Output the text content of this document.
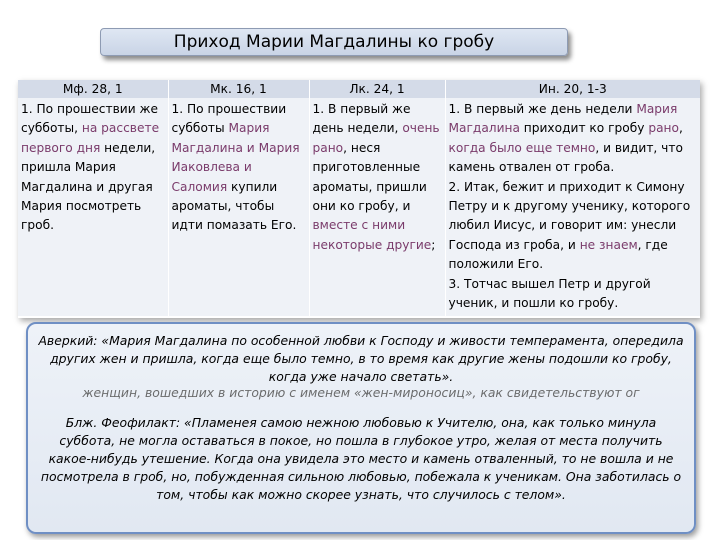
Приход Марии Магдалины ко гробу
Мф. 28, 1	Мк. 16, 1	Лк. 24, 1	Ин. 20, 1-3
1. По прошествии же субботы, на рассвете первого дня недели, пришла Мария Магдалина и другая Мария посмотреть гроб.	1. По прошествии субботы Мария Магдалина и Мария Иаковлева и Саломия купили ароматы, чтобы идти помазать Его.	1. В первый же день недели, очень рано, неся приготовленные ароматы, пришли они ко гробу, и вместе с ними некоторые другие;	1. В первый же день недели Мария Магдалина приходит ко гробу рано, когда было еще темно, и видит, что камень отвален от гроба.
2. Итак, бежит и приходит к Симону Петру и к другому ученику, которого любил Иисус, и говорит им: унесли Господа из гроба, и не знаем, где положили Его.
3. Тотчас вышел Петр и другой ученик, и пошли ко гробу.
Аверкий: «Мария Магдалина по особенной любви к Господу и живости темперамента, опередила других жен и пришла, когда еще было темно, в то время как другие жены подошли ко гробу, когда уже начало светать».
женщин, вошедших в историю с именем «жен-мироносиц», как свидетельствуют ог
Блж. Феофилакт: «Пламенея самою нежною любовью к Учителю, она, как только минула суббота, не могла оставаться в покое, но пошла в глубокое утро, желая от места получить какое-нибудь утешение. Когда она увидела это место и камень отваленный, то не вошла и не посмотрела в гроб, но, побужденная сильною любовью, побежала к ученикам. Она заботилась о том, чтобы как можно скорее узнать, что случилось с телом».
